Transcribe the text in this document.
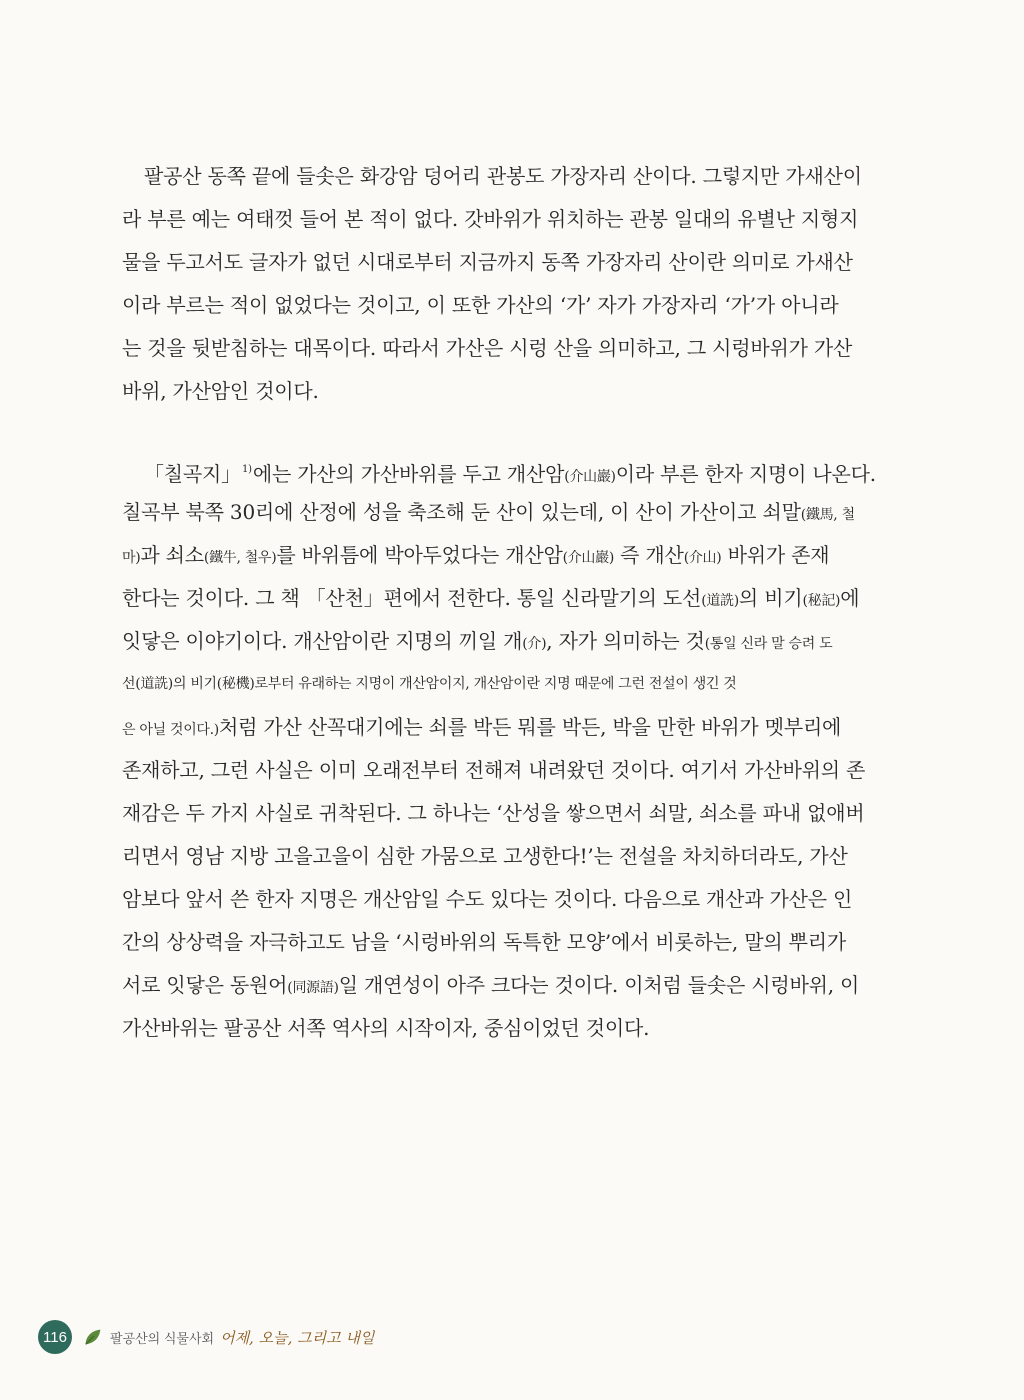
팔공산 동쪽 끝에 들솟은 화강암 덩어리 관봉도 가장자리 산이다. 그렇지만 가새산이
라 부른 예는 여태껏 들어 본 적이 없다. 갓바위가 위치하는 관봉 일대의 유별난 지형지
물을 두고서도 글자가 없던 시대로부터 지금까지 동쪽 가장자리 산이란 의미로 가새산
이라 부르는 적이 없었다는 것이고, 이 또한 가산의 ‘가’ 자가 가장자리 ‘가’가 아니라
는 것을 뒷받침하는 대목이다. 따라서 가산은 시렁 산을 의미하고, 그 시렁바위가 가산
바위, 가산암인 것이다.
「칠곡지」$^{1)}$에는 가산의 가산바위를 두고 개산암(介山巖)이라 부른 한자 지명이 나온다.
칠곡부 북쪽 30리에 산정에 성을 축조해 둔 산이 있는데, 이 산이 가산이고 쇠말(鐵馬, 철
마)과 쇠소(鐵牛, 철우)를 바위틈에 박아두었다는 개산암(介山巖) 즉 개산(介山) 바위가 존재
한다는 것이다. 그 책 「산천」편에서 전한다. 통일 신라말기의 도선(道詵)의 비기(秘記)에
잇닿은 이야기이다. 개산암이란 지명의 끼일 개(介), 자가 의미하는 것(통일 신라 말 승려 도
선(道詵)의 비기(秘機)로부터 유래하는 지명이 개산암이지, 개산암이란 지명 때문에 그런 전설이 생긴 것
은 아닐 것이다.)처럼 가산 산꼭대기에는 쇠를 박든 뭐를 박든, 박을 만한 바위가 멧부리에
존재하고, 그런 사실은 이미 오래전부터 전해져 내려왔던 것이다. 여기서 가산바위의 존
재감은 두 가지 사실로 귀착된다. 그 하나는 ‘산성을 쌓으면서 쇠말, 쇠소를 파내 없애버
리면서 영남 지방 고을고을이 심한 가뭄으로 고생한다!’는 전설을 차치하더라도, 가산
암보다 앞서 쓴 한자 지명은 개산암일 수도 있다는 것이다. 다음으로 개산과 가산은 인
간의 상상력을 자극하고도 남을 ‘시렁바위의 독특한 모양’에서 비롯하는, 말의 뿌리가
서로 잇닿은 동원어(同源語)일 개연성이 아주 크다는 것이다. 이처럼 들솟은 시렁바위, 이
가산바위는 팔공산 서쪽 역사의 시작이자, 중심이었던 것이다.
116	팔공산의 식물사회 어제, 오늘, 그리고 내일
